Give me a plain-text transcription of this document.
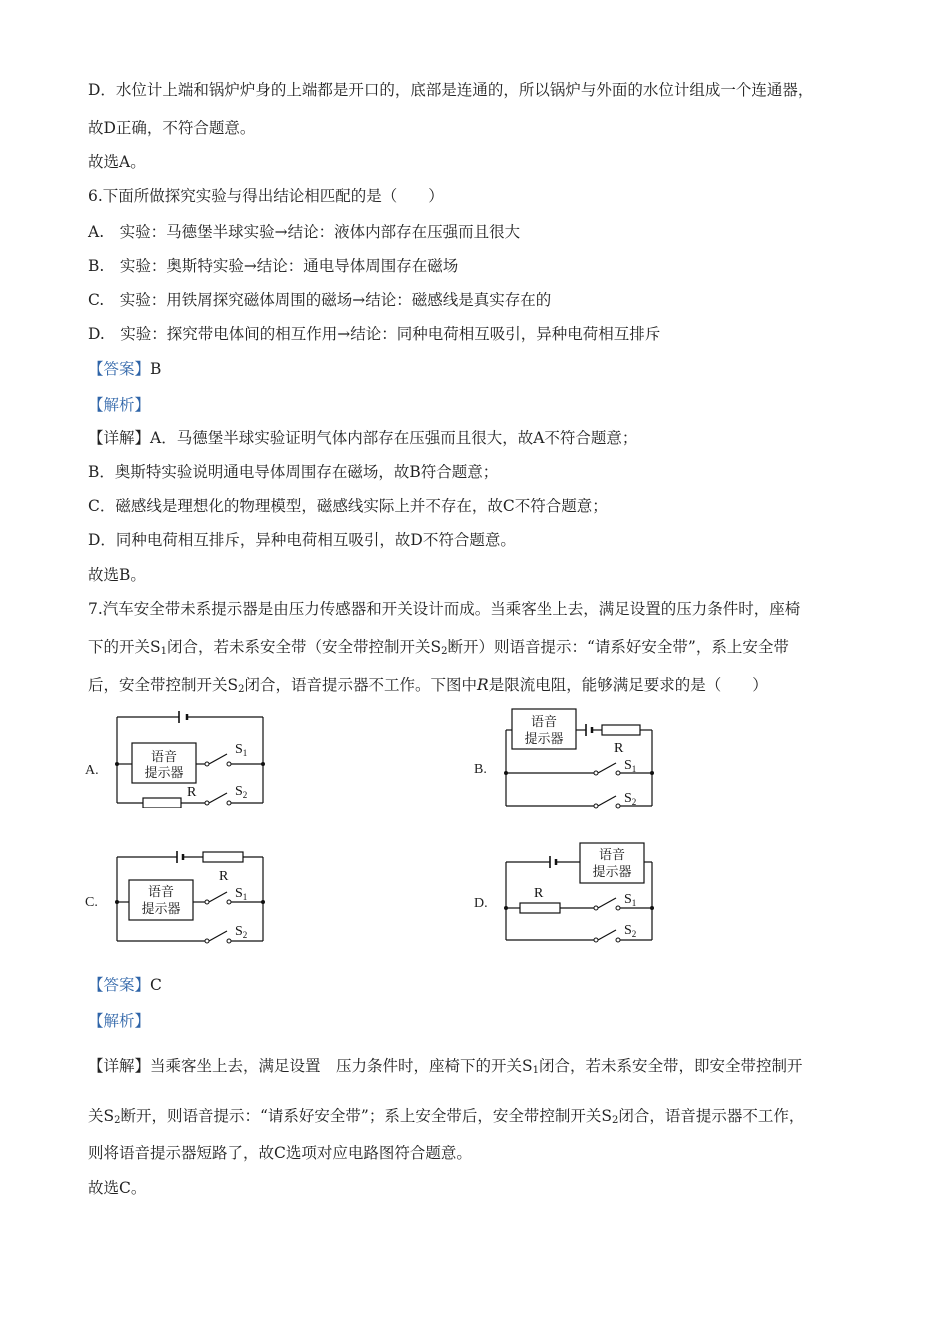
D．水位计上端和锅炉炉身的上端都是开口的，底部是连通的，所以锅炉与外面的水位计组成一个连通器，
故D正确，不符合题意。
故选A。
6.下面所做探究实验与得出结论相匹配的是（　　）
A.　实验：马德堡半球实验→结论：液体内部存在压强而且很大
B.　实验：奥斯特实验→结论：通电导体周围存在磁场
C.　实验：用铁屑探究磁体周围的磁场→结论：磁感线是真实存在的
D.　实验：探究带电体间的相互作用→结论：同种电荷相互吸引，异种电荷相互排斥
【答案】B
【解析】
【详解】A．马德堡半球实验证明气体内部存在压强而且很大，故A不符合题意；
B．奥斯特实验说明通电导体周围存在磁场，故B符合题意；
C．磁感线是理想化的物理模型，磁感线实际上并不存在，故C不符合题意；
D．同种电荷相互排斥，异种电荷相互吸引，故D不符合题意。
故选B。
7.汽车安全带未系提示器是由压力传感器和开关设计而成。当乘客坐上去，满足设置的压力条件时，座椅
下的开关$S_1$闭合，若未系安全带（安全带控制开关$S_2$断开）则语音提示：“请系好安全带”，系上安全带
后，安全带控制开关$S_2$闭合，语音提示器不工作。下图中R是限流电阻，能够满足要求的是（　　）
A.
语音
提示器
$S_1$
R	$S_2$
B.
语音
提示器
R
$S_1$
$S_2$
C.
语音
提示器
R
$S_1$
$S_2$
D.
语音
提示器
R	$S_1$
$S_2$
【答案】C
【解析】
【详解】当乘客坐上去，满足设置　压力条件时，座椅下的开关$S_1$闭合，若未系安全带，即安全带控制开
关$S_2$断开，则语音提示：“请系好安全带”；系上安全带后，安全带控制开关$S_2$闭合，语音提示器不工作，
则将语音提示器短路了，故C选项对应电路图符合题意。
故选C。
